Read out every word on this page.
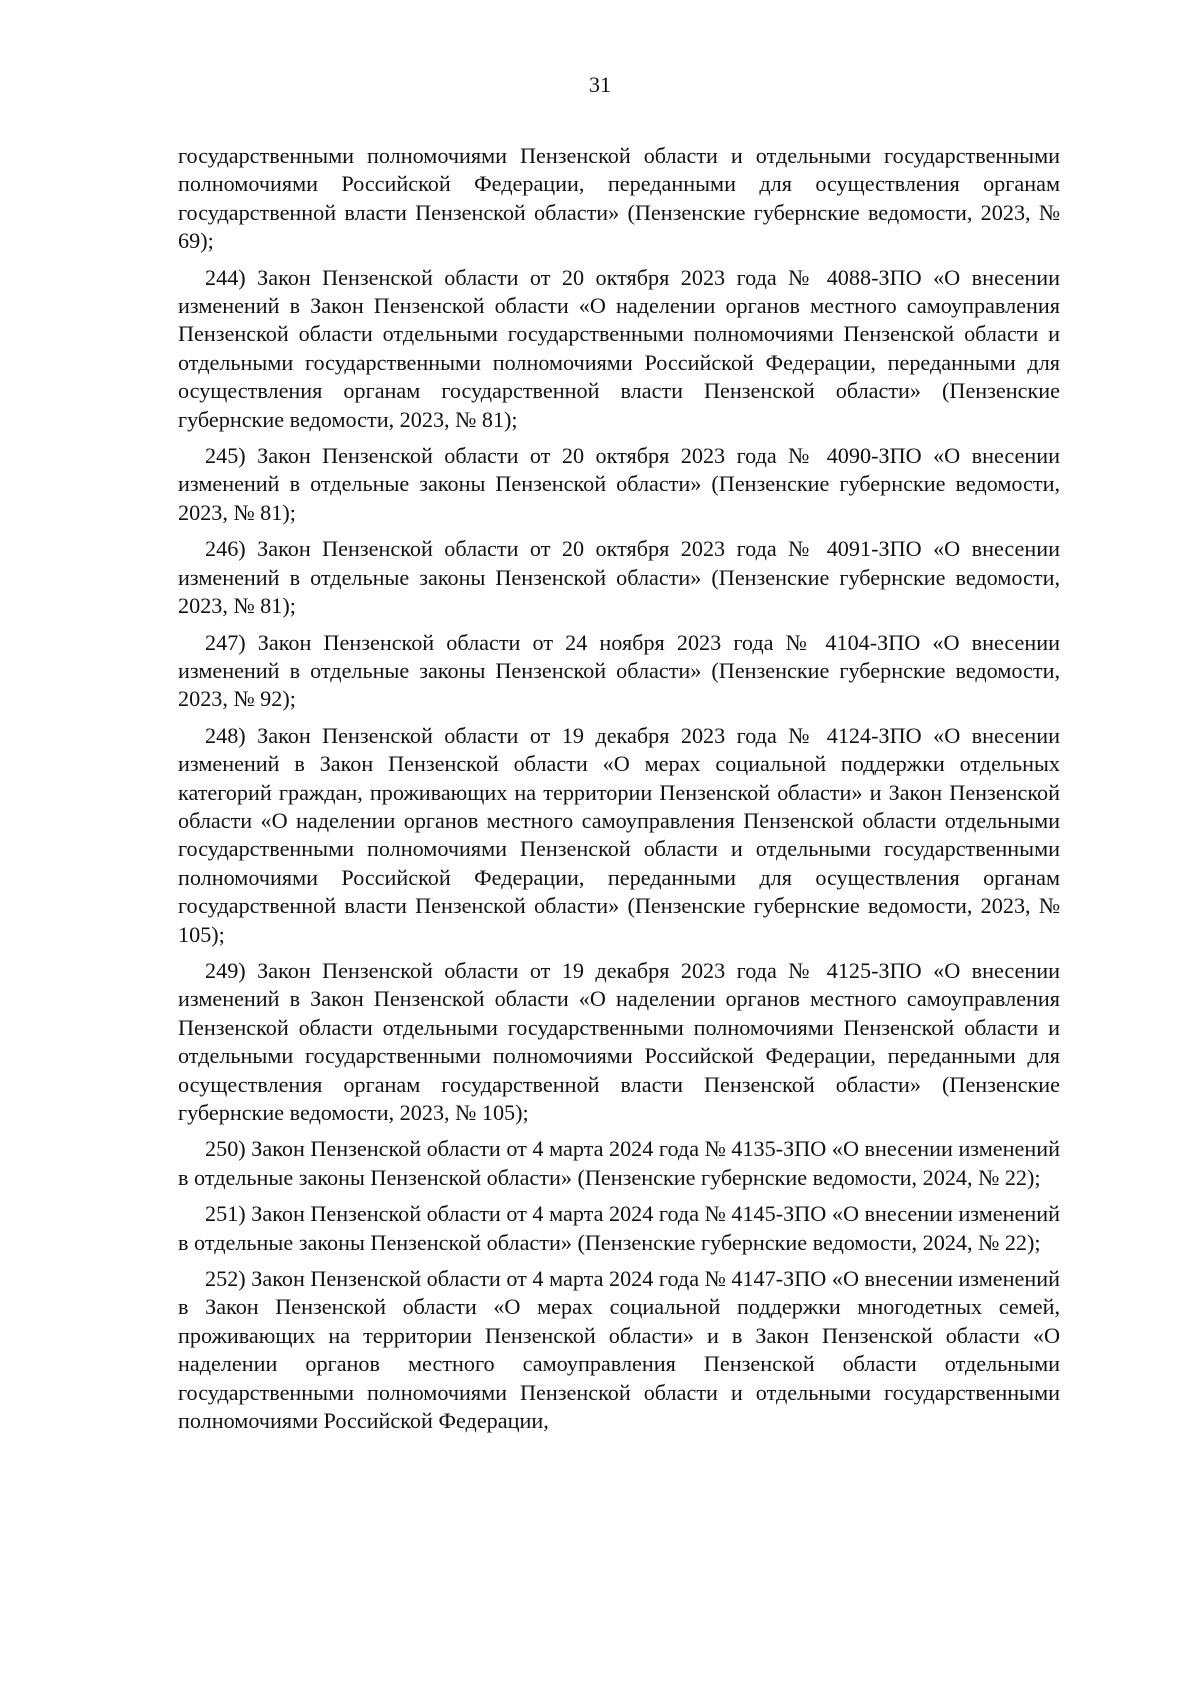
31

государственными полномочиями Пензенской области и отдельными государственными полномочиями Российской Федерации, переданными для осуществления органам государственной власти Пензенской области» (Пензенские губернские ведомости, 2023, № 69);

244) Закон Пензенской области от 20 октября 2023 года № 4088-ЗПО «О внесении изменений в Закон Пензенской области «О наделении органов местного самоуправления Пензенской области отдельными государственными полномочиями Пензенской области и отдельными государственными полномочиями Российской Федерации, переданными для осуществления органам государственной власти Пензенской области» (Пензенские губернские ведомости, 2023, № 81);

245) Закон Пензенской области от 20 октября 2023 года № 4090-ЗПО «О внесении изменений в отдельные законы Пензенской области» (Пензенские губернские ведомости, 2023, № 81);

246) Закон Пензенской области от 20 октября 2023 года № 4091-ЗПО «О внесении изменений в отдельные законы Пензенской области» (Пензенские губернские ведомости, 2023, № 81);

247) Закон Пензенской области от 24 ноября 2023 года № 4104-ЗПО «О внесении изменений в отдельные законы Пензенской области» (Пензенские губернские ведомости, 2023, № 92);

248) Закон Пензенской области от 19 декабря 2023 года № 4124-ЗПО «О внесении изменений в Закон Пензенской области «О мерах социальной поддержки отдельных категорий граждан, проживающих на территории Пензенской области» и Закон Пензенской области «О наделении органов местного самоуправления Пензенской области отдельными государственными полномочиями Пензенской области и отдельными государственными полномочиями Российской Федерации, переданными для осуществления органам государственной власти Пензенской области» (Пензенские губернские ведомости, 2023, № 105);

249) Закон Пензенской области от 19 декабря 2023 года № 4125-ЗПО «О внесении изменений в Закон Пензенской области «О наделении органов местного самоуправления Пензенской области отдельными государственными полномочиями Пензенской области и отдельными государственными полномочиями Российской Федерации, переданными для осуществления органам государственной власти Пензенской области» (Пензенские губернские ведомости, 2023, № 105);

250) Закон Пензенской области от 4 марта 2024 года № 4135-ЗПО «О внесении изменений в отдельные законы Пензенской области» (Пензенские губернские ведомости, 2024, № 22);

251) Закон Пензенской области от 4 марта 2024 года № 4145-ЗПО «О внесении изменений в отдельные законы Пензенской области» (Пензенские губернские ведомости, 2024, № 22);

252) Закон Пензенской области от 4 марта 2024 года № 4147-ЗПО «О внесении изменений в Закон Пензенской области «О мерах социальной поддержки многодетных семей, проживающих на территории Пензенской области» и в Закон Пензенской области «О наделении органов местного самоуправления Пензенской области отдельными государственными полномочиями Пензенской области и отдельными государственными полномочиями Российской Федерации,
